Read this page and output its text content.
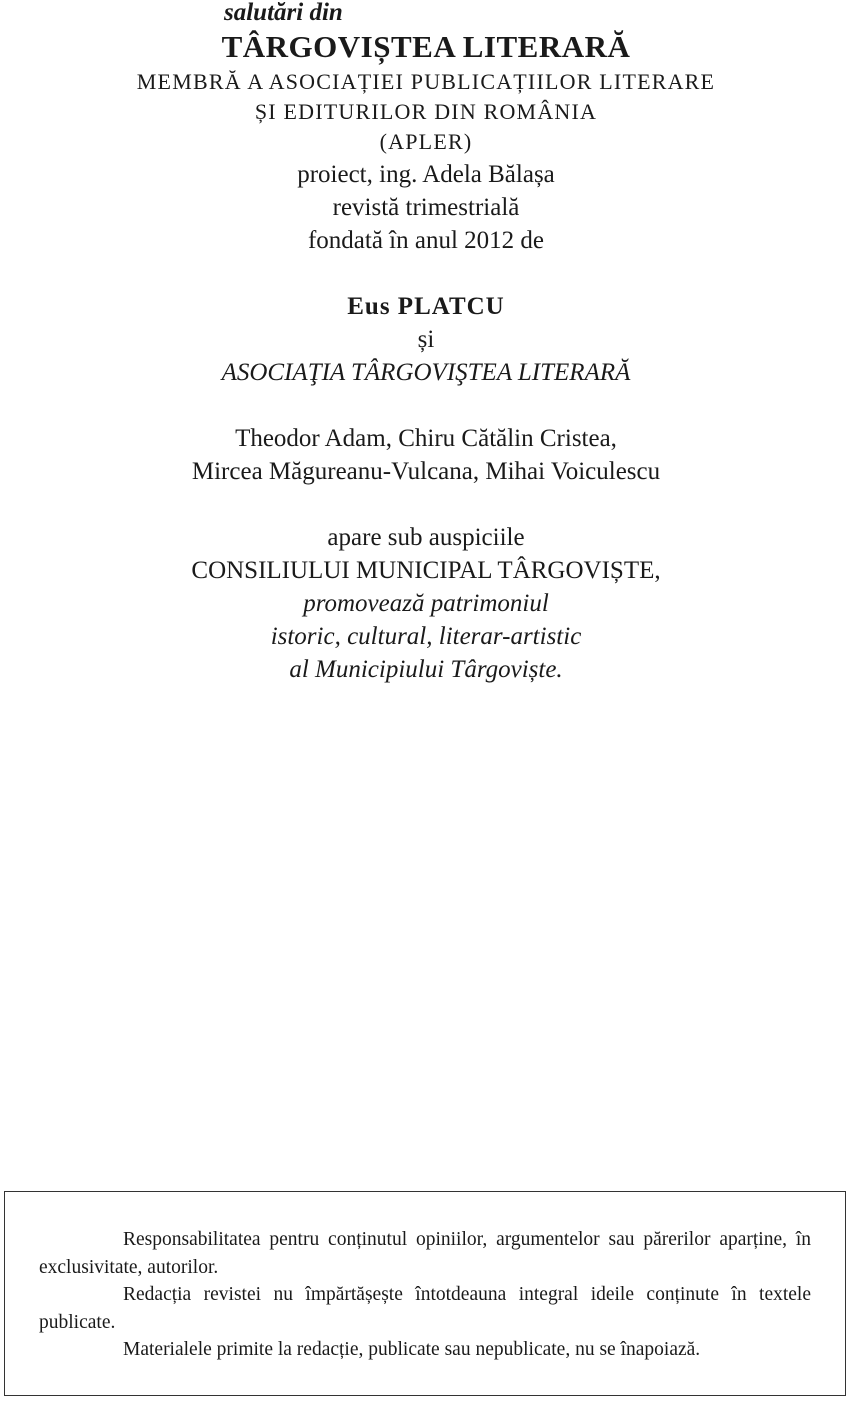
salutări din
TÂRGOVIȘTEA LITERARĂ
MEMBRĂ A ASOCIAȚIEI PUBLICAȚIILOR LITERARE
ȘI EDITURILOR DIN ROMÂNIA
(APLER)
proiect, ing. Adela Bălașa
revistă trimestrială
fondată în anul 2012 de
Eus PLATCU
și
ASOCIAŢIA TÂRGOVIŞTEA LITERARĂ
Theodor Adam, Chiru Cătălin Cristea,
Mircea Măgureanu-Vulcana, Mihai Voiculescu
apare sub auspiciile
CONSILIULUI MUNICIPAL TÂRGOVIȘTE,
promovează patrimoniul
istoric, cultural, literar-artistic
al Municipiului Târgoviște.

Responsabilitatea pentru conținutul opiniilor, argumentelor sau părerilor aparține, în exclusivitate, autorilor.

Redacția revistei nu împărtășește întotdeauna integral ideile conținute în textele publicate.

Materialele primite la redacție, publicate sau nepublicate, nu se înapoiază.
